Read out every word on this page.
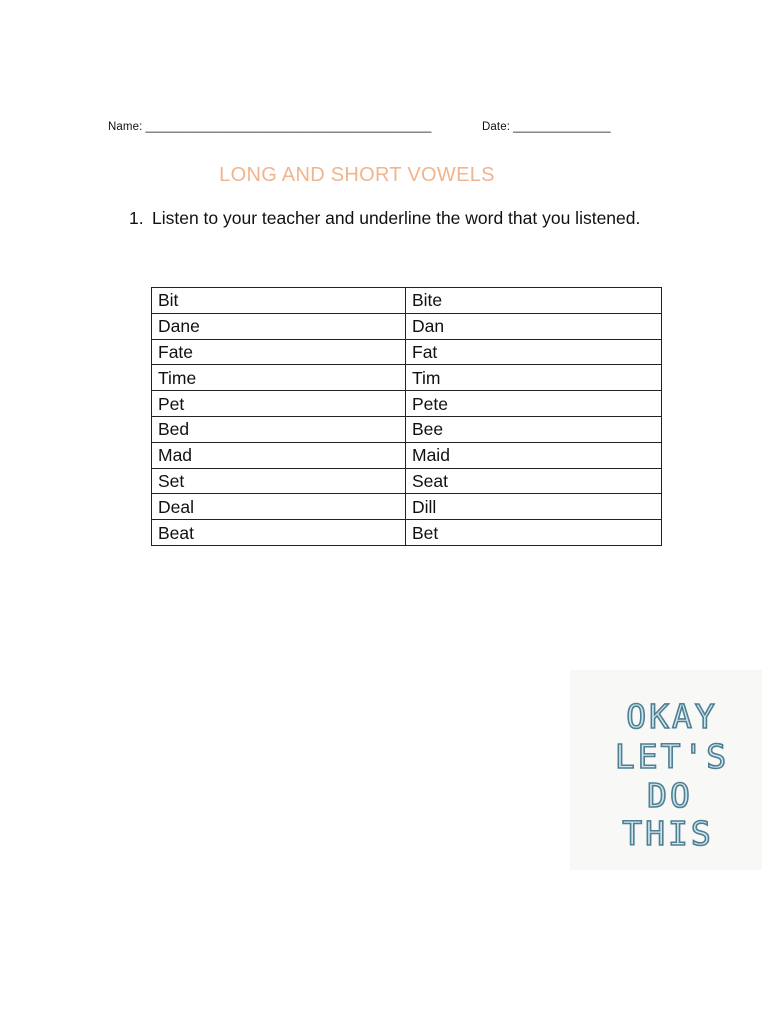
Name: ____________________________________________	Date: _______________
LONG AND SHORT VOWELS
1. Listen to your teacher and underline the word that you listened.
Bit	Bite
Dane	Dan
Fate	Fat
Time	Tim
Pet	Pete
Bed	Bee
Mad	Maid
Set	Seat
Deal	Dill
Beat	Bet
OKAY
LET'S
DO
THIS
